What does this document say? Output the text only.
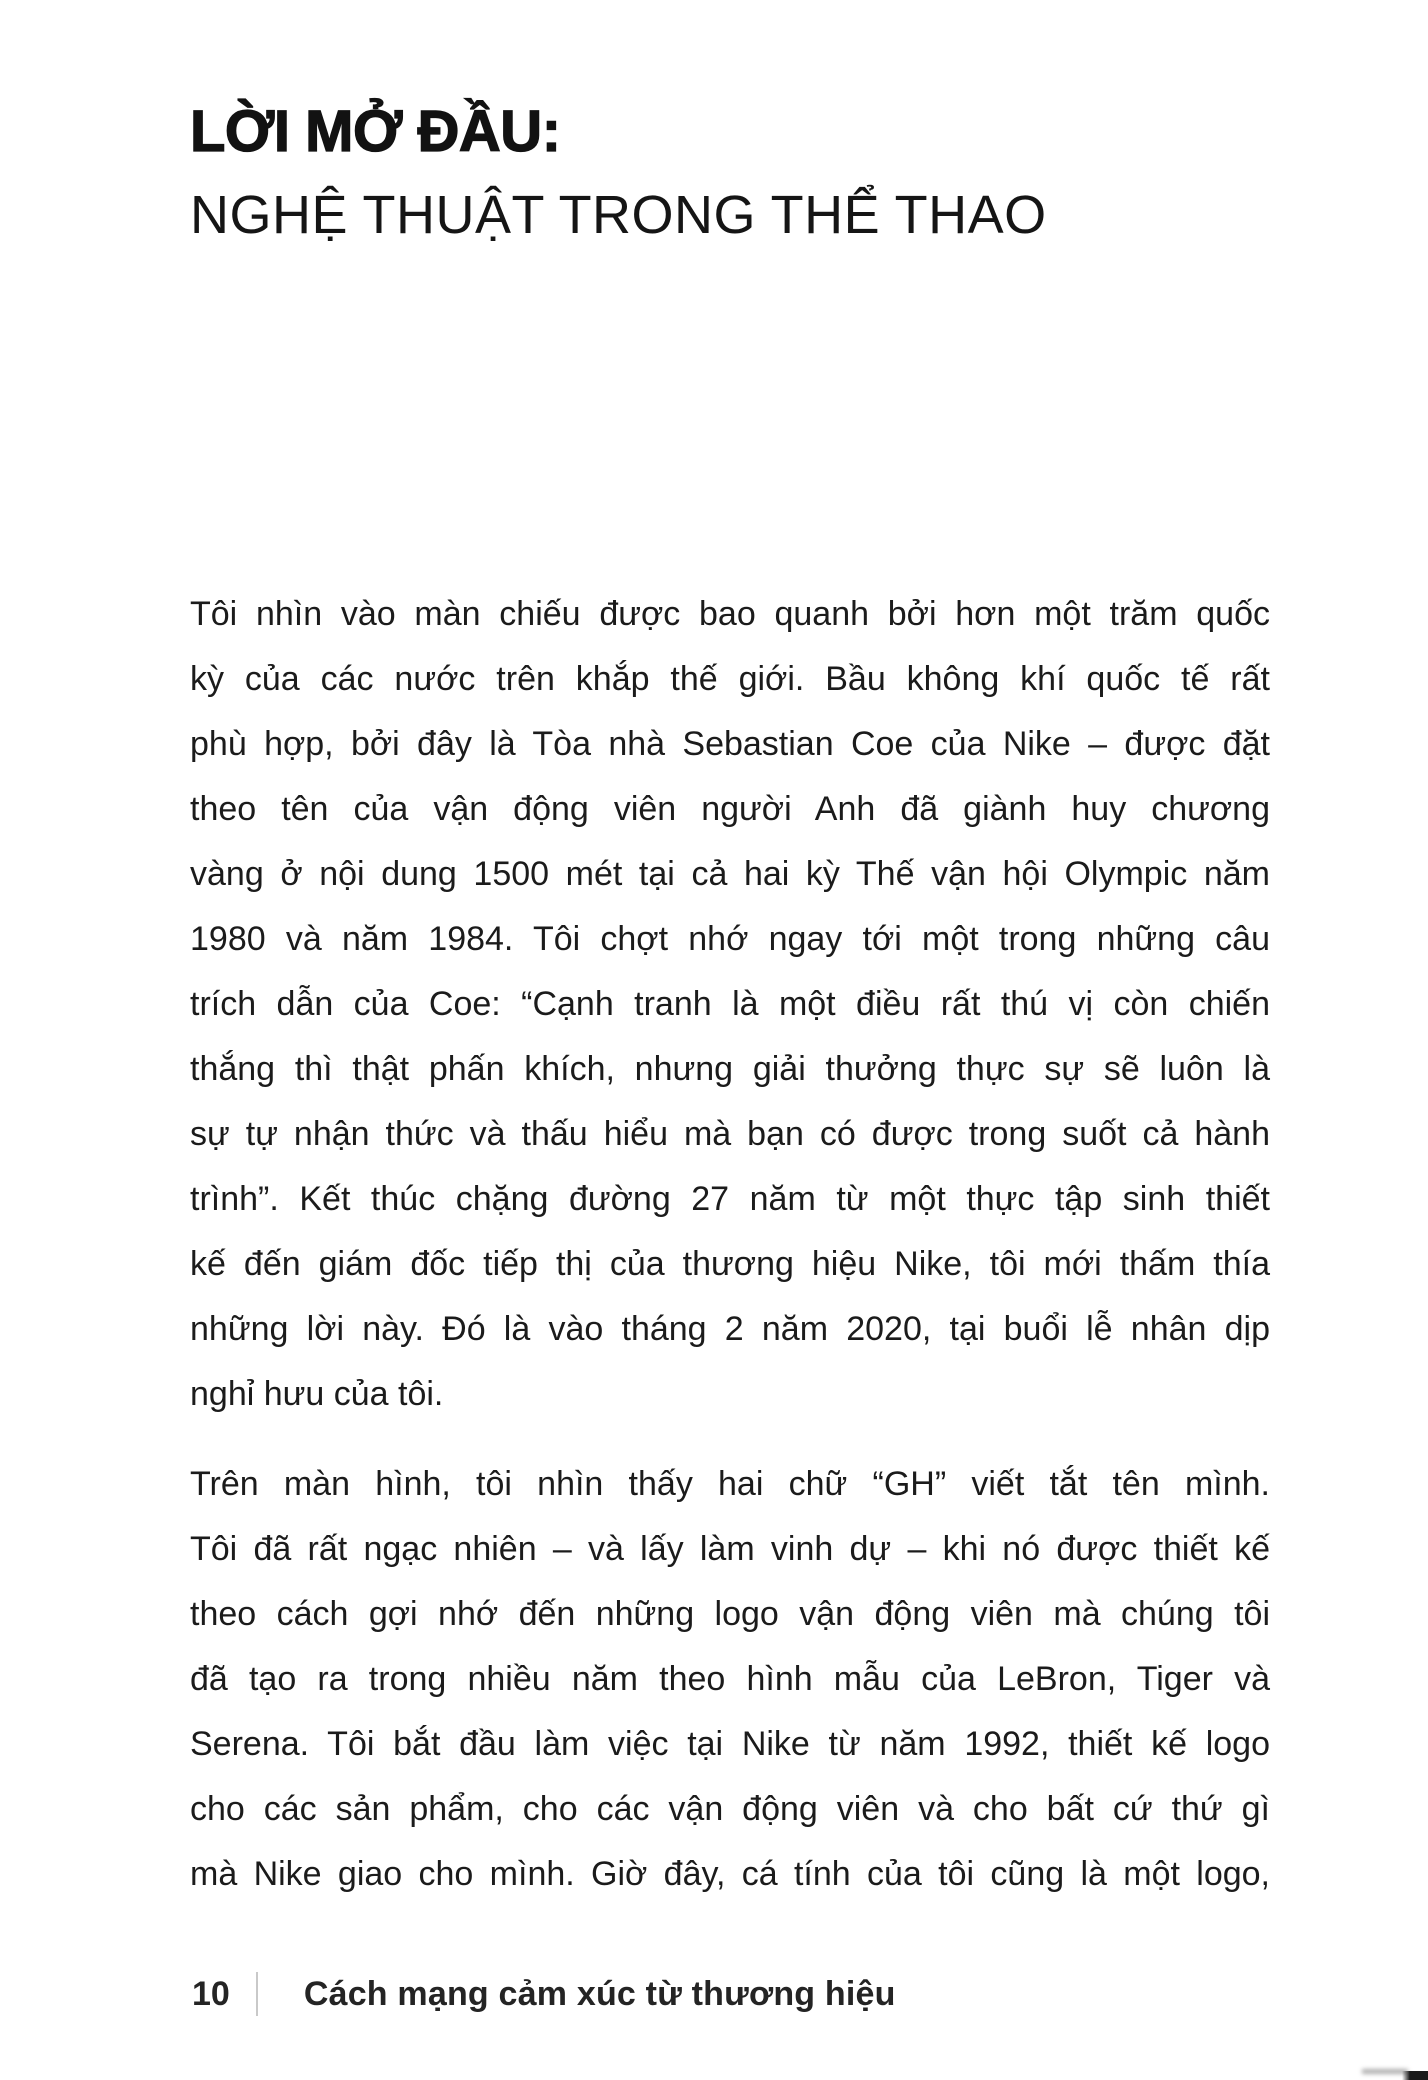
LỜI MỞ ĐẦU:
NGHỆ THUẬT TRONG THỂ THAO
Tôi nhìn vào màn chiếu được bao quanh bởi hơn một trăm quốc
kỳ của các nước trên khắp thế giới. Bầu không khí quốc tế rất
phù hợp, bởi đây là Tòa nhà Sebastian Coe của Nike – được đặt
theo tên của vận động viên người Anh đã giành huy chương
vàng ở nội dung 1500 mét tại cả hai kỳ Thế vận hội Olympic năm
1980 và năm 1984. Tôi chợt nhớ ngay tới một trong những câu
trích dẫn của Coe: “Cạnh tranh là một điều rất thú vị còn chiến
thắng thì thật phấn khích, nhưng giải thưởng thực sự sẽ luôn là
sự tự nhận thức và thấu hiểu mà bạn có được trong suốt cả hành
trình”. Kết thúc chặng đường 27 năm từ một thực tập sinh thiết
kế đến giám đốc tiếp thị của thương hiệu Nike, tôi mới thấm thía
những lời này. Đó là vào tháng 2 năm 2020, tại buổi lễ nhân dịp
nghỉ hưu của tôi.
Trên màn hình, tôi nhìn thấy hai chữ “GH” viết tắt tên mình.
Tôi đã rất ngạc nhiên – và lấy làm vinh dự – khi nó được thiết kế
theo cách gợi nhớ đến những logo vận động viên mà chúng tôi
đã tạo ra trong nhiều năm theo hình mẫu của LeBron, Tiger và
Serena. Tôi bắt đầu làm việc tại Nike từ năm 1992, thiết kế logo
cho các sản phẩm, cho các vận động viên và cho bất cứ thứ gì
mà Nike giao cho mình. Giờ đây, cá tính của tôi cũng là một logo,
10 Cách mạng cảm xúc từ thương hiệu
